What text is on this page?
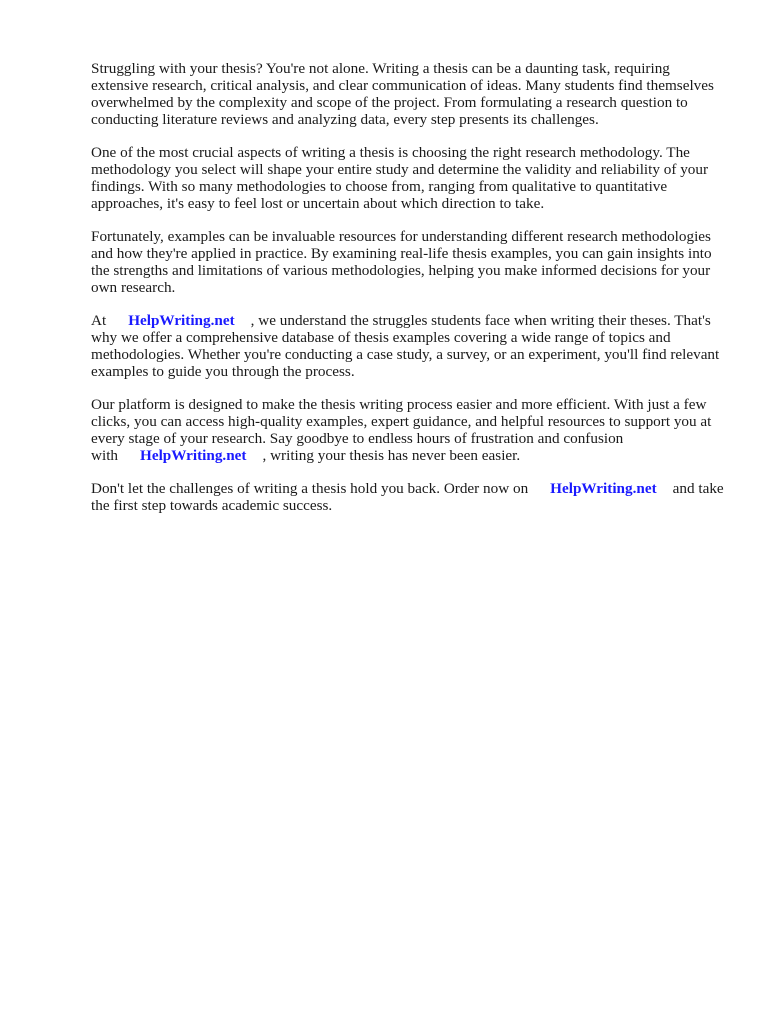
Struggling with your thesis? You're not alone. Writing a thesis can be a daunting task, requiring extensive research, critical analysis, and clear communication of ideas. Many students find themselves overwhelmed by the complexity and scope of the project. From formulating a research question to conducting literature reviews and analyzing data, every step presents its challenges.

One of the most crucial aspects of writing a thesis is choosing the right research methodology. The methodology you select will shape your entire study and determine the validity and reliability of your findings. With so many methodologies to choose from, ranging from qualitative to quantitative approaches, it's easy to feel lost or uncertain about which direction to take.

Fortunately, examples can be invaluable resources for understanding different research methodologies and how they're applied in practice. By examining real-life thesis examples, you can gain insights into the strengths and limitations of various methodologies, helping you make informed decisions for your own research.

At HelpWriting.net , we understand the struggles students face when writing their theses. That's why we offer a comprehensive database of thesis examples covering a wide range of topics and methodologies. Whether you're conducting a case study, a survey, or an experiment, you'll find relevant examples to guide you through the process.

Our platform is designed to make the thesis writing process easier and more efficient. With just a few clicks, you can access high-quality examples, expert guidance, and helpful resources to support you at every stage of your research. Say goodbye to endless hours of frustration and confusion with HelpWriting.net , writing your thesis has never been easier.

Don't let the challenges of writing a thesis hold you back. Order now on HelpWriting.net and take the first step towards academic success.
